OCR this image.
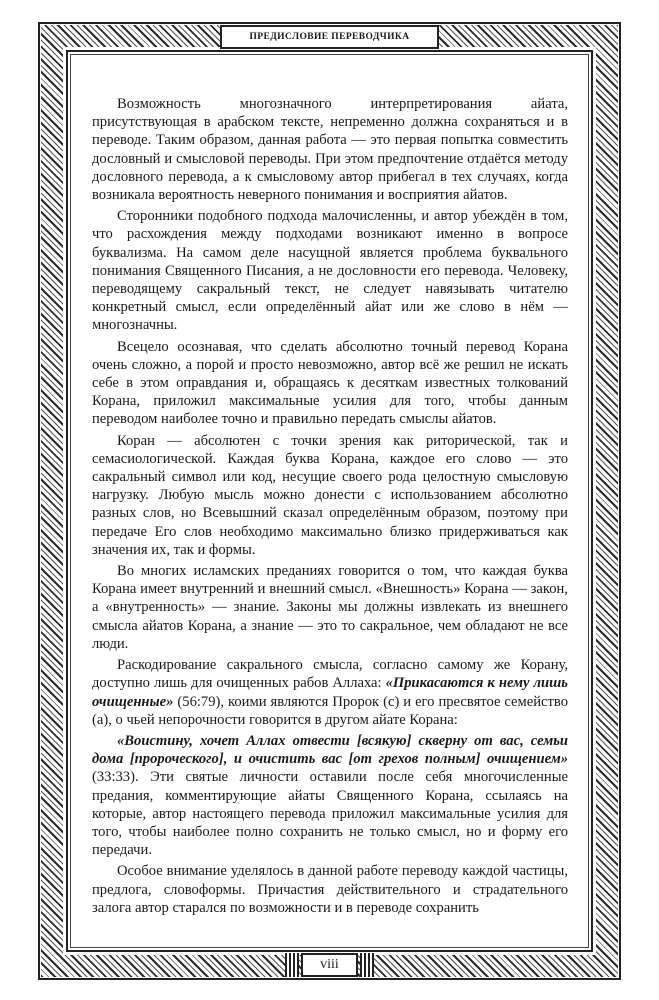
ПРЕДИСЛОВИЕ ПЕРЕВОДЧИКА

Возможность многозначного интерпретирования айата, присутствующая в арабском тексте, непременно должна сохраняться и в переводе. Таким образом, данная работа — это первая попытка совместить дословный и смысловой переводы. При этом предпочтение отдаётся методу дословного перевода, а к смысловому автор прибегал в тех случаях, когда возникала вероятность неверного понимания и восприятия айатов.

Сторонники подобного подхода малочисленны, и автор убеждён в том, что расхождения между подходами возникают именно в вопросе буквализма. На самом деле насущной является проблема буквального понимания Священного Писания, а не дословности его перевода. Человеку, переводящему сакральный текст, не следует навязывать читателю конкретный смысл, если определённый айат или же слово в нём — многозначны.

Всецело осознавая, что сделать абсолютно точный перевод Корана очень сложно, а порой и просто невозможно, автор всё же решил не искать себе в этом оправдания и, обращаясь к десяткам известных толкований Корана, приложил максимальные усилия для того, чтобы данным переводом наиболее точно и правильно передать смыслы айатов.

Коран — абсолютен с точки зрения как риторической, так и семасиологической. Каждая буква Корана, каждое его слово — это сакральный символ или код, несущие своего рода целостную смысловую нагрузку. Любую мысль можно донести с использованием абсолютно разных слов, но Всевышний сказал определённым образом, поэтому при передаче Его слов необходимо максимально близко придерживаться как значения их, так и формы.

Во многих исламских преданиях говорится о том, что каждая буква Корана имеет внутренний и внешний смысл. «Внешность» Корана — закон, а «внутренность» — знание. Законы мы должны извлекать из внешнего смысла айатов Корана, а знание — это то сакральное, чем обладают не все люди.

Раскодирование сакрального смысла, согласно самому же Корану, доступно лишь для очищенных рабов Аллаха: «Прикасаются к нему лишь очищенные» (56:79), коими являются Пророк (с) и его пресвятое семейство (а), о чьей непорочности говорится в другом айате Корана:

«Воистину, хочет Аллах отвести [всякую] скверну от вас, семьи дома [пророческого], и очистить вас [от грехов полным] очищением» (33:33). Эти святые личности оставили после себя многочисленные предания, комментирующие айаты Священного Корана, ссылаясь на которые, автор настоящего перевода приложил максимальные усилия для того, чтобы наиболее полно сохранить не только смысл, но и форму его передачи.

Особое внимание уделялось в данной работе переводу каждой частицы, предлога, словоформы. Причастия действительного и страдательного залога автор старался по возможности и в переводе сохранить

viii
